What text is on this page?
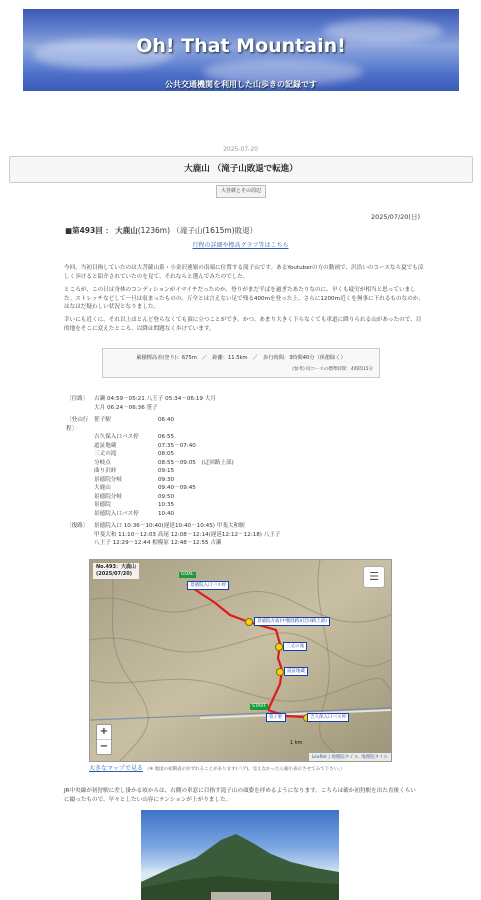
Oh! That Mountain!
公共交通機関を利用した山歩きの記録です
2025-07-20
大鹿山 （滝子山敗退で転進）
大菩薩とその周辺
2025/07/20(日)
■第493回 ： 大鹿山(1236m) （滝子山(1615m)敗退）
行程の詳細や標高グラフ等はこちら
今回、当初目指していたのは大菩薩山系・小金沢連嶺の南端に位置する滝子山です。あるYoutuberの方の動画で、沢沿いのコースなら夏でも涼しく歩けると紹介されていたのを見て、それならと選んでみたのでした。
ところが、この日は身体のコンディションがイマイチだったのか、登りがまだ半ばを過ぎたあたりなのに、早くも疲労が相当と思っていました。ストレッチなどして一旦は収まったものの、万全とは言えない足で残る400mを登った上、さらに1200m近くを無事に下れるものなのか、はなはだ疑わしい状況となりました。
幸いにも近くに、それ以上ほとんど登らなくても頂に立つことができ、かつ、あまり大きく下らなくても車道に降りられる山があったので、目的地をそこに変えたところ、以降は問題なく歩けています。
累積標高差(登り)：675m　／　距離：11.5km　／　歩行時間：3時間40分（休憩除く）
(参考) 同コースの標準時間：4時間15分
〔往路〕	吉瀬 04:59－05:21 八王子 05:34－06:19 大月
大月 06:24－06:36 笹子
〔登山行程〕
笹子駅	06:40
吉久保入口バス停	06:55
道証地蔵	07:35－07:40
三丈の滝	08:05
分岐点	08:55－09:05　(迂回路上部)
曲り沢峠	09:15
景徳院分岐	09:30
大鹿山	09:40－09:45
景徳院分岐	09:50
景徳院	10:35
景徳院入口バス停	10:40
〔復路〕	景徳院入口 10:36－10:40(遅延10:40－10:45) 甲斐大和駅
甲斐大和 11:10－12:03 高尾 12:08－12:14(遅延12:12－12:18) 八王子
八王子 12:29－12:44 相模原 12:48－12:55 吉瀬
No.493：大鹿山
(2025/07/20)	☰
GOAL
景徳院入口バス停
景徳院方面(中腹経路)(迂回路上部)
三丈の滝
道証地蔵
START
笹子駅	吉久保入口バス停
+
−	1 km
Leaflet | 地理院タイル, 地理院タイル
大きなマップで見る （※ 地図の初期表示がずれることがあります(バグ)。見えなかったら縮小表示させてみて下さい。）
JR中央線が初狩駅に差し掛かる頃からは、右側の車窓に目指す滝子山の頭姿を拝めるようになります。こちらは確か初狩駅を出た直後くらいに撮ったもので、早々としたい山容にテンションが上がりました。
